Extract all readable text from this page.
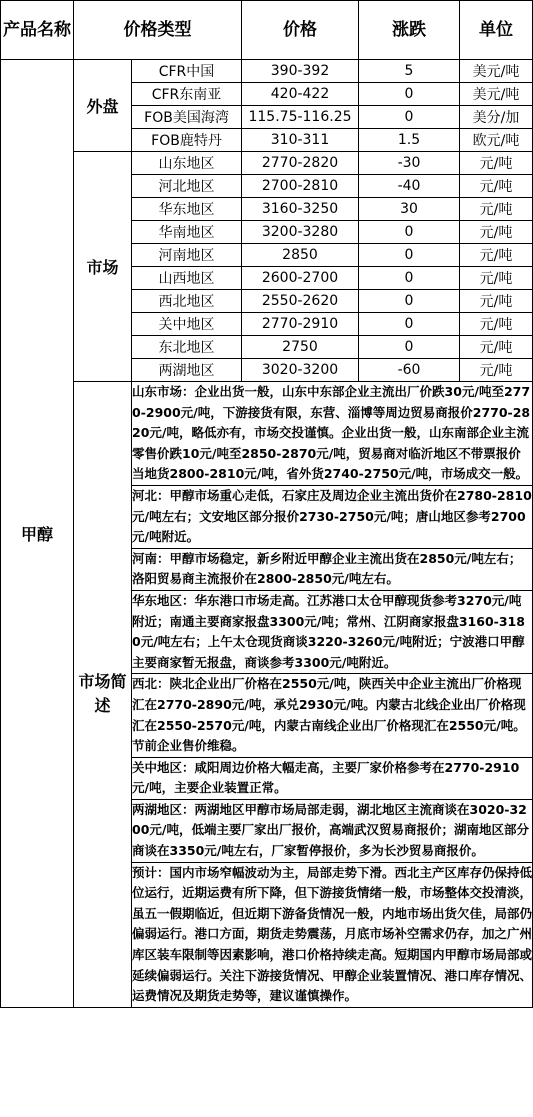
产品名称	价格类型		价格	涨跌	单位
甲醇	外盘	CFR中国	390-392	5	美元/吨
		CFR东南亚	420-422	0	美元/吨
		FOB美国海湾	115.75-116.25	0	美分/加
		FOB鹿特丹	310-311	1.5	欧元/吨
	市场	山东地区	2770-2820	-30	元/吨
		河北地区	2700-2810	-40	元/吨
		华东地区	3160-3250	30	元/吨
		华南地区	3200-3280	0	元/吨
		河南地区	2850	0	元/吨
		山西地区	2600-2700	0	元/吨
		西北地区	2550-2620	0	元/吨
		关中地区	2770-2910	0	元/吨
		东北地区	2750	0	元/吨
		两湖地区	3020-3200	-60	元/吨
	市场简述	山东市场：企业出货一般，山东中东部企业主流出厂价跌30元/吨至2770-2900元/吨，下游接货有限，东营、淄博等周边贸易商报价2770-2820元/吨，略低亦有，市场交投谨慎。企业出货一般，山东南部企业主流零售价跌10元/吨至2850-2870元/吨，贸易商对临沂地区不带票报价当地货2800-2810元/吨，省外货2740-2750元/吨，市场成交一般。			
		河北：甲醇市场重心走低，石家庄及周边企业主流出货价在2780-2810元/吨左右；文安地区部分报价2730-2750元/吨；唐山地区参考2700元/吨附近。			
		河南：甲醇市场稳定，新乡附近甲醇企业主流出货在2850元/吨左右；洛阳贸易商主流报价在2800-2850元/吨左右。			
		华东地区：华东港口市场走高。江苏港口太仓甲醇现货参考3270元/吨附近；南通主要商家报盘3300元/吨；常州、江阴商家报盘3160-3180元/吨左右；上午太仓现货商谈3220-3260元/吨附近；宁波港口甲醇主要商家暂无报盘，商谈参考3300元/吨附近。			
		西北：陕北企业出厂价格在2550元/吨，陕西关中企业主流出厂价格现汇在2770-2890元/吨，承兑2930元/吨。内蒙古北线企业出厂价格现汇在2550-2570元/吨，内蒙古南线企业出厂价格现汇在2550元/吨。节前企业售价维稳。			
		关中地区：咸阳周边价格大幅走高，主要厂家价格参考在2770-2910元/吨，主要企业装置正常。			
		两湖地区：两湖地区甲醇市场局部走弱，湖北地区主流商谈在3020-3200元/吨，低端主要厂家出厂报价，高端武汉贸易商报价；湖南地区部分商谈在3350元/吨左右，厂家暂停报价，多为长沙贸易商报价。			
		预计：国内市场窄幅波动为主，局部走势下滑。西北主产区库存仍保持低位运行，近期运费有所下降，但下游接货情绪一般，市场整体交投清淡，虽五一假期临近，但近期下游备货情况一般，内地市场出货欠佳，局部仍偏弱运行。港口方面，期货走势震荡，月底市场补空需求仍存，加之广州库区装车限制等因素影响，港口价格持续走高。短期国内甲醇市场局部或延续偏弱运行。关注下游接货情况、甲醇企业装置情况、港口库存情况、运费情况及期货走势等，建议谨慎操作。			
